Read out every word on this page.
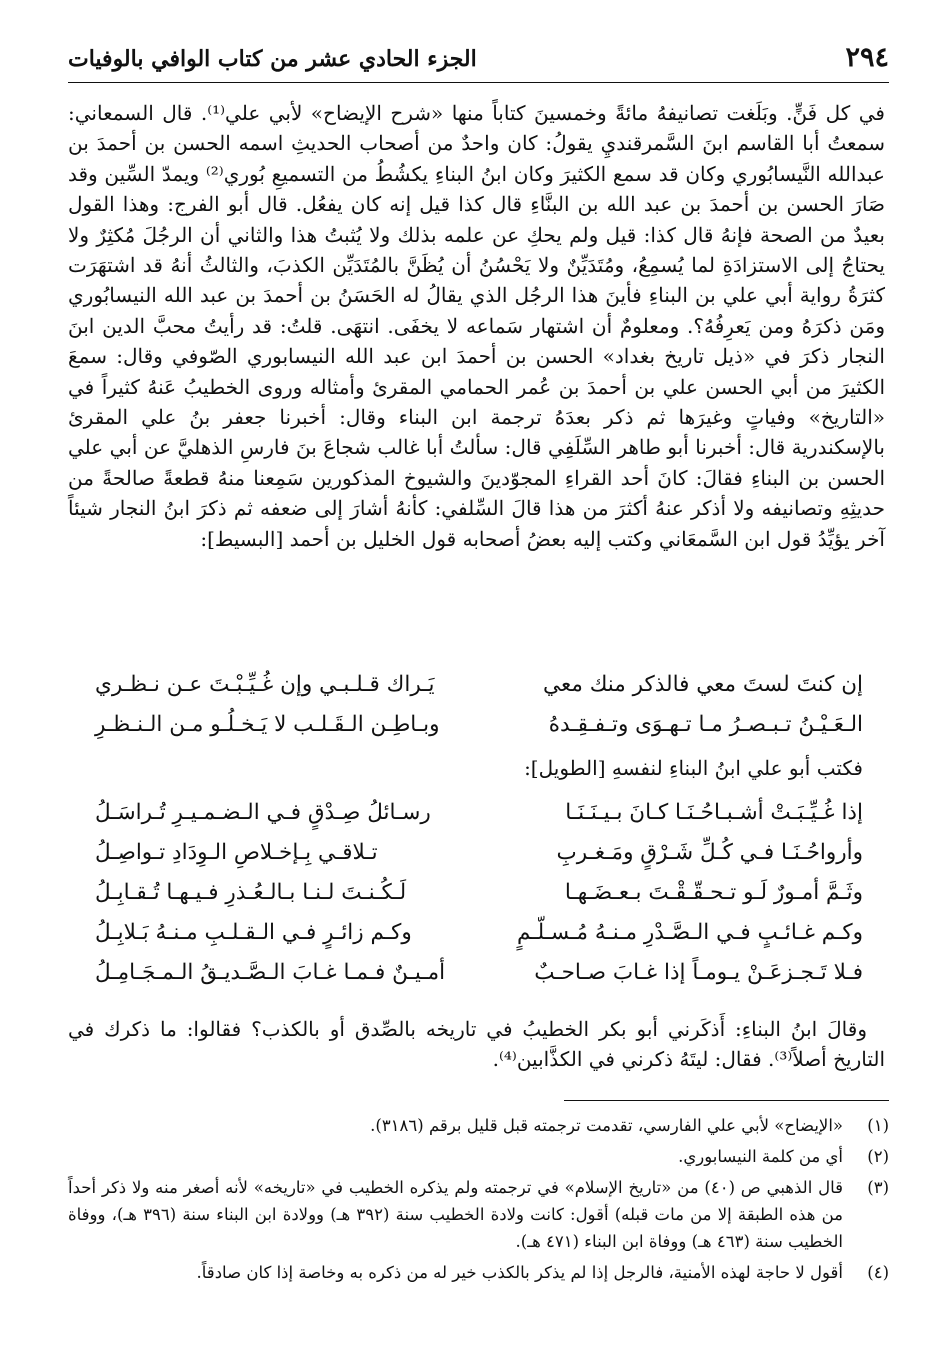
٢٩٤
الجزء الحادي عشر من كتاب الوافي بالوفيات

في كل فَنٍّ. وبَلَغت تصانيفهُ مائةً وخمسينَ كتاباً منها «شرح الإيضاح» لأبي علي⁽¹⁾. قال السمعاني: سمعتُ أبا القاسم ابنَ السَّمرقنديِ يقولُ: كان واحدٌ من أصحاب الحديثِ اسمه الحسن بن أحمدَ بن عبدالله النَّيسابُوري وكان قد سمع الكثيرَ وكان ابنُ البناءِ يكشُطُ من التسميعِ بُوري⁽²⁾ ويمدّ السِّين وقد صَارَ الحسن بن أحمدَ بن عبد الله بن البنَّاءِ قال كذا قيل إنه كان يفعُل. قال أبو الفرج: وهذا القول بعيدٌ من الصحة فإنهُ قال كذا: قيل ولم يحكِ عن علمه بذلك ولا يُثبتُ هذا والثاني أن الرجُلَ مُكثِرٌ ولا يحتاجُ إلى الاستزادَةِ لما يُسمِعُ، ومُتَدَيِّنٌ ولا يَحْسُنُ أن يُظَنَّ بالمُتَدَيِّن الكذبَ، والثالثُ أنهُ قد اشتهَرَت كثرَةُ رواية أبي علي بن البناءِ فأينَ هذا الرجُل الذي يقالُ له الحَسَنُ بن أحمدَ بن عبد الله النيسابُوري ومَن ذكرَهُ ومن يَعرِفُهُ؟. ومعلومٌ أن اشتهار سَماعه لا يخفَى. انتهَى. قلتُ: قد رأيتُ محبَّ الدين ابنَ النجار ذكرَ في «ذيل تاريخ بغداد» الحسن بن أحمدَ ابن عبد الله النيسابوري الصّوفي وقال: سمعَ الكثيرَ من أبي الحسن علي بن أحمدَ بن عُمر الحمامي المقرئ وأمثاله وروى الخطيبُ عَنهُ كثيراً في «التاريخ» وفياتٍ وغيرَها ثم ذكر بعدَهُ ترجمة ابن البناء وقال: أخبرنا جعفر بنُ علي المقرئ بالإسكندرية قال: أخبرنا أبو طاهر السِّلَفِي قال: سألتُ أبا غالب شجاعَ بنَ فارسِ الذهليَّ عن أبي علي الحسن بن البناءِ فقالَ: كانَ أحد القراءِ المجوّدينَ والشيوخ المذكورين سَمِعنا منهُ قطعةً صالحةً من حديثِهِ وتصانيفه ولا أذكر عنهُ أكثرَ من هذا قالَ السِّلفي: كأنهُ أشارَ إلى ضعفه ثم ذكرَ ابنُ النجار شيئاً آخر يؤيِّدُ قول ابن السَّمعَاني وكتب إليه بعضُ أصحابه قول الخليل بن أحمد [البسيط]:

إن كنتَ لستَ معي فالذكر منك معي
يَـراك قـلـبـي وإن غُـيِّـبْـتَ عـن نـظـري
الـعَـيْـنُ تـبـصـرُ مـا تـهـوَى وتـفـقِـدهُ
وبـاطِـن الـقَـلـب لا يَـخـلُـو مـن الـنـظـرِ
فكتب أبو علي ابنُ البناءِ لنفسهِ [الطويل]:
إذا غُـيِّـبَـتْ أشـبـاحُـنَـا كـانَ بـيـنَـنَـا
رسـائلُ صِـدْقٍ فـي الـضـمـيـرِ تُـراسَـلُ
وأرواحُـنَـا فـي كُـلِّ شَـرْقٍ ومَـغـربِ
تـلاقـي بِـإخـلاصِ الـوِدَادِ تـواصِـلُ
وثَـمَّ أمـورٌ لَـو تـحـقّـقْـتَ بـعـضَـهـا
لَـكُـنـتَ لـنـا بـالـعُـذرِ فـيـهـا تُـقـابِـلُ
وكـم غـائـبٍ فـي الـصَّـدْرِ مـنـهُ مُـسـلّـمٍ
وكـم زائـرٍ فـي الـقـلـبِ مـنـهُ بَـلابِـلُ
فـلا تَـجـزعَـنْ يـومـاً إذا غـابَ صـاحـبٌ
أمـيـنٌ فـمـا غـابَ الـصَّـديـقُ الـمـجَـامِـلُ

وقالَ ابنُ البناءِ: أَذكَرني أبو بكر الخطيبُ في تاريخه بالصِّدق أو بالكذب؟ فقالوا: ما ذكرك في التاريخ أصلاً⁽³⁾. فقال: ليتَهُ ذكرني في الكذَّابين⁽⁴⁾.

(١)
«الإيضاح» لأبي علي الفارسي، تقدمت ترجمته قبل قليل برقم (٣١٨٦).
(٢)
أي من كلمة النيسابوري.
(٣)
قال الذهبي ص (٤٠) من «تاريخ الإسلام» في ترجمته ولم يذكره الخطيب في «تاريخه» لأنه أصغر منه ولا ذكر أحداً من هذه الطبقة إلا من مات قبله) أقول: كانت ولادة الخطيب سنة (٣٩٢ هـ) وولادة ابن البناء سنة (٣٩٦ هـ)، ووفاة الخطيب سنة (٤٦٣ هـ) ووفاة ابن البناء (٤٧١ هـ).
(٤)
أقول لا حاجة لهذه الأمنية، فالرجل إذا لم يذكر بالكذب خير له من ذكره به وخاصة إذا كان صادقاً.
